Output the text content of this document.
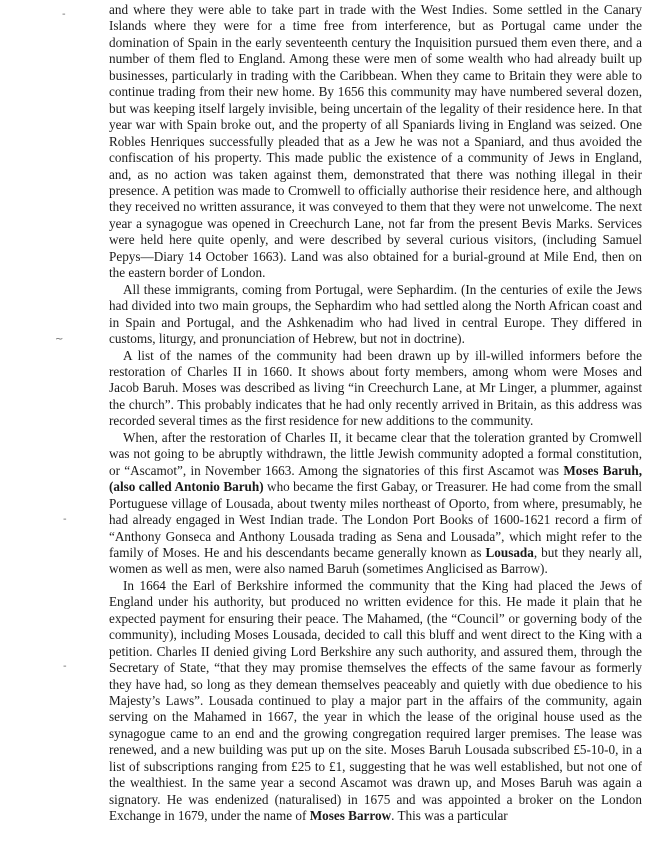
-
~
-
-

and where they were able to take part in trade with the West Indies. Some settled in the Canary Islands where they were for a time free from interference, but as Portugal came under the domination of Spain in the early seventeenth century the Inquisition pursued them even there, and a number of them fled to England. Among these were men of some wealth who had already built up businesses, particularly in trading with the Caribbean. When they came to Britain they were able to continue trading from their new home. By 1656 this community may have numbered several dozen, but was keeping itself largely invisible, being uncertain of the legality of their residence here. In that year war with Spain broke out, and the property of all Spaniards living in England was seized. One Robles Henriques successfully pleaded that as a Jew he was not a Spaniard, and thus avoided the confiscation of his property. This made public the existence of a community of Jews in England, and, as no action was taken against them, demonstrated that there was nothing illegal in their presence. A petition was made to Cromwell to officially authorise their residence here, and although they received no written assurance, it was conveyed to them that they were not unwelcome. The next year a synagogue was opened in Creechurch Lane, not far from the present Bevis Marks. Services were held here quite openly, and were described by several curious visitors, (including Samuel Pepys—Diary 14 October 1663). Land was also obtained for a burial-ground at Mile End, then on the eastern border of London.

All these immigrants, coming from Portugal, were Sephardim. (In the centuries of exile the Jews had divided into two main groups, the Sephardim who had settled along the North African coast and in Spain and Portugal, and the Ashkenadim who had lived in central Europe. They differed in customs, liturgy, and pronunciation of Hebrew, but not in doctrine).

A list of the names of the community had been drawn up by ill-willed informers before the restoration of Charles II in 1660. It shows about forty members, among whom were Moses and Jacob Baruh. Moses was described as living “in Creechurch Lane, at Mr Linger, a plummer, against the church”. This probably indicates that he had only recently arrived in Britain, as this address was recorded several times as the first residence for new additions to the community.

When, after the restoration of Charles II, it became clear that the toleration granted by Cromwell was not going to be abruptly withdrawn, the little Jewish community adopted a formal constitution, or “Ascamot”, in November 1663. Among the signatories of this first Ascamot was Moses Baruh, (also called Antonio Baruh) who became the first Gabay, or Treasurer. He had come from the small Portuguese village of Lousada, about twenty miles northeast of Oporto, from where, presumably, he had already engaged in West Indian trade. The London Port Books of 1600-1621 record a firm of “Anthony Gonseca and Anthony Lousada trading as Sena and Lousada”, which might refer to the family of Moses. He and his descendants became generally known as Lousada, but they nearly all, women as well as men, were also named Baruh (sometimes Anglicised as Barrow).

In 1664 the Earl of Berkshire informed the community that the King had placed the Jews of England under his authority, but produced no written evidence for this. He made it plain that he expected payment for ensuring their peace. The Mahamed, (the “Council” or governing body of the community), including Moses Lousada, decided to call this bluff and went direct to the King with a petition. Charles II denied giving Lord Berkshire any such authority, and assured them, through the Secretary of State, “that they may promise themselves the effects of the same favour as formerly they have had, so long as they demean themselves peaceably and quietly with due obedience to his Majesty’s Laws”. Lousada continued to play a major part in the affairs of the community, again serving on the Mahamed in 1667, the year in which the lease of the original house used as the synagogue came to an end and the growing congregation required larger premises. The lease was renewed, and a new building was put up on the site. Moses Baruh Lousada subscribed £5-10-0, in a list of subscriptions ranging from £25 to £1, suggesting that he was well established, but not one of the wealthiest. In the same year a second Ascamot was drawn up, and Moses Baruh was again a signatory. He was endenized (naturalised) in 1675 and was appointed a broker on the London Exchange in 1679, under the name of Moses Barrow. This was a particular
